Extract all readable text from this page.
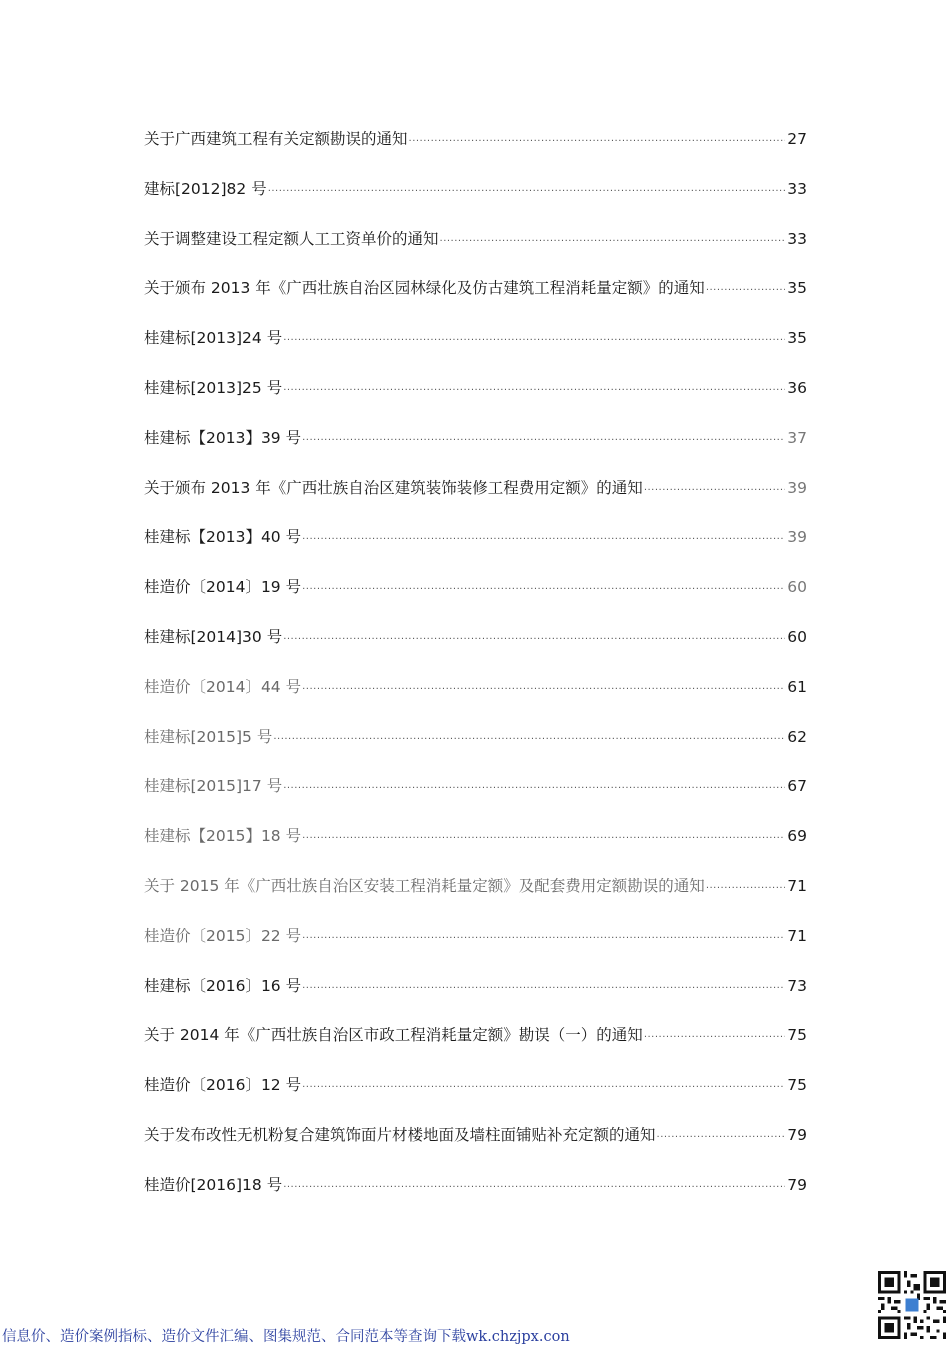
关于广西建筑工程有关定额勘误的通知 ·····	27
建标[2012]82 号 ·····	33
关于调整建设工程定额人工工资单价的通知 ·····	33
关于颁布 2013 年《广西壮族自治区园林绿化及仿古建筑工程消耗量定额》的通知 ·····	35
桂建标[2013]24 号 ·····	35
桂建标[2013]25 号 ·····	36
桂建标【2013】39 号 ·····	37
关于颁布 2013 年《广西壮族自治区建筑装饰装修工程费用定额》的通知 ·····	39
桂建标【2013】40 号 ·····	39
桂造价〔2014〕19 号 ·····	60
桂建标[2014]30 号 ·····	60
桂造价〔2014〕44 号 ·····	61
桂建标[2015]5 号 ·····	62
桂建标[2015]17 号 ·····	67
桂建标【2015】18 号 ·····	69
关于 2015 年《广西壮族自治区安装工程消耗量定额》及配套费用定额勘误的通知 ·····	71
桂造价〔2015〕22 号 ·····	71
桂建标〔2016〕16 号 ·····	73
关于 2014 年《广西壮族自治区市政工程消耗量定额》勘误（一）的通知 ·····	75
桂造价〔2016〕12 号 ·····	75
关于发布改性无机粉复合建筑饰面片材楼地面及墙柱面铺贴补充定额的通知 ·····	79
桂造价[2016]18 号 ·····	79
信息价、造价案例指标、造价文件汇编、图集规范、合同范本等查询下载wk.chzjpx.con
